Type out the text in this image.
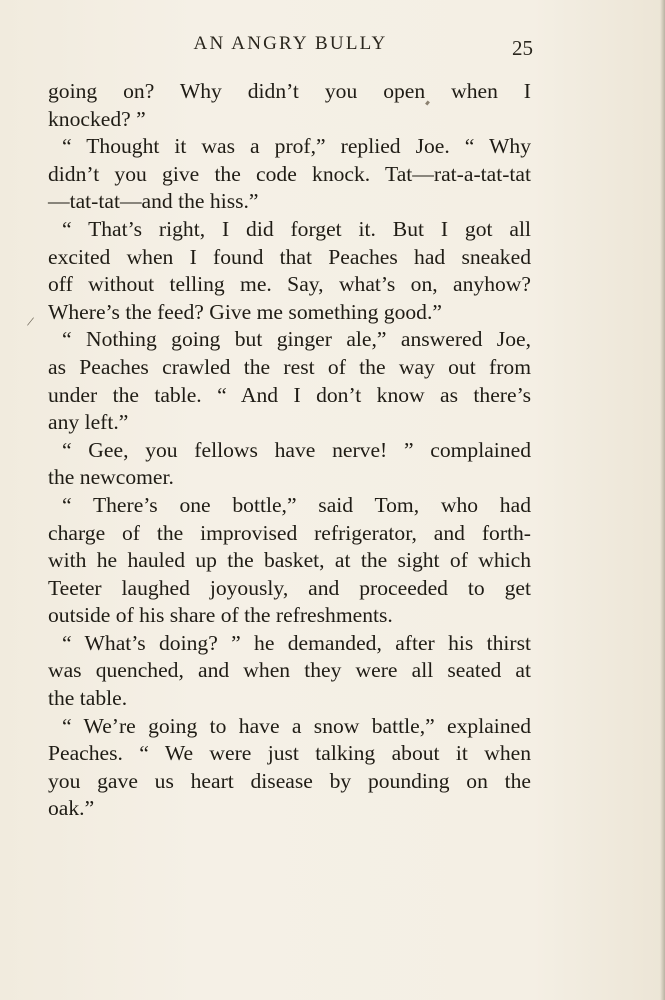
/
AN ANGRY BULLY	25
going on? Why didn’t you open when I
knocked? ”
“ Thought it was a prof,” replied Joe. “ Why
didn’t you give the code knock. Tat—rat-a-tat-tat
—tat-tat—and the hiss.”
“ That’s right, I did forget it. But I got all
excited when I found that Peaches had sneaked
off without telling me. Say, what’s on, anyhow?
Where’s the feed? Give me something good.”
“ Nothing going but ginger ale,” answered Joe,
as Peaches crawled the rest of the way out from
under the table. “ And I don’t know as there’s
any left.”
“ Gee, you fellows have nerve! ” complained
the newcomer.
“ There’s one bottle,” said Tom, who had
charge of the improvised refrigerator, and forth-
with he hauled up the basket, at the sight of which
Teeter laughed joyously, and proceeded to get
outside of his share of the refreshments.
“ What’s doing? ” he demanded, after his thirst
was quenched, and when they were all seated at
the table.
“ We’re going to have a snow battle,” explained
Peaches. “ We were just talking about it when
you gave us heart disease by pounding on the
oak.”
